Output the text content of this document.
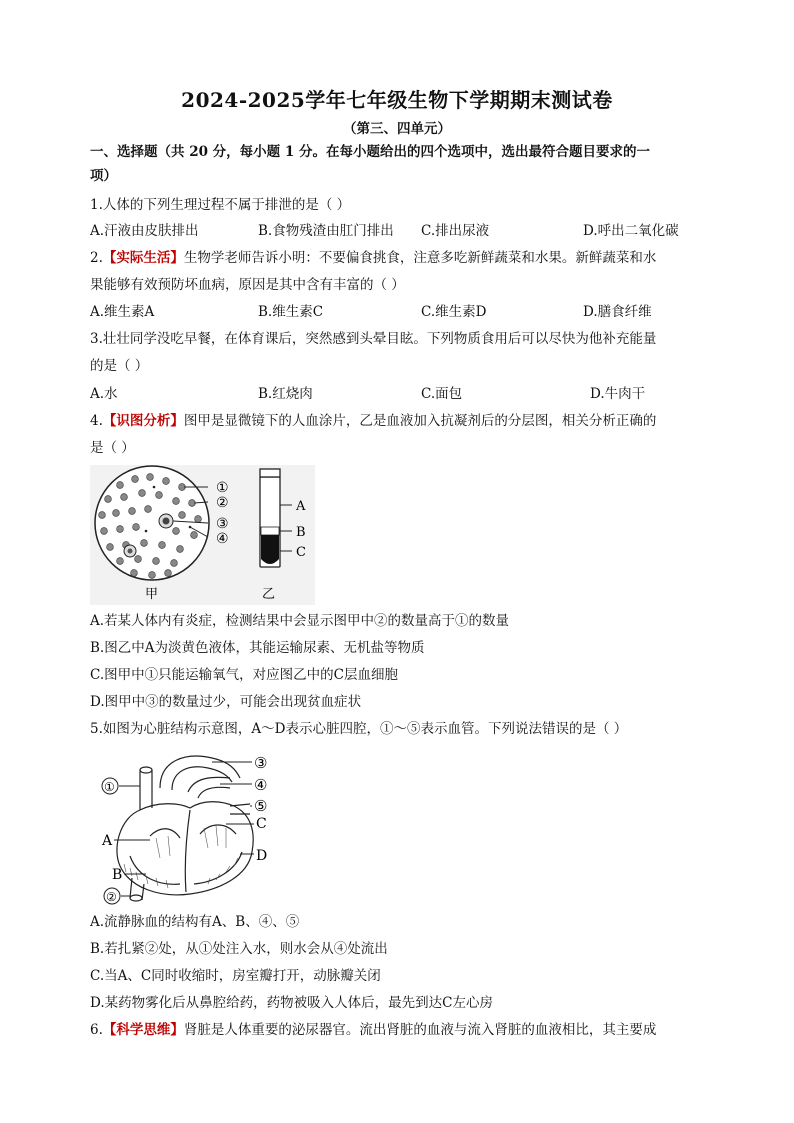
2024-2025学年七年级生物下学期期末测试卷
（第三、四单元）
一、选择题（共 20 分，每小题 1 分。在每小题给出的四个选项中，选出最符合题目要求的一
项）
1.人体的下列生理过程不属于排泄的是（ ）
A.汗液由皮肤排出	B.食物残渣由肛门排出 C.排出尿液	D.呼出二氧化碳
2.【实际生活】生物学老师告诉小明：不要偏食挑食，注意多吃新鲜蔬菜和水果。新鲜蔬菜和水
果能够有效预防坏血病，原因是其中含有丰富的（ ）
A.维生素A	B.维生素C	C.维生素D	D.膳食纤维
3.壮壮同学没吃早餐，在体育课后，突然感到头晕目眩。下列物质食用后可以尽快为他补充能量
的是（ ）
A.水	B.红烧肉	C.面包	D.牛肉干
4.【识图分析】图甲是显微镜下的人血涂片，乙是血液加入抗凝剂后的分层图，相关分析正确的
是（ ）
①
②
③
④
A
B
C
甲	乙
A.若某人体内有炎症，检测结果中会显示图甲中②的数量高于①的数量
B.图乙中A为淡黄色液体，其能运输尿素、无机盐等物质
C.图甲中①只能运输氧气，对应图乙中的C层血细胞
D.图甲中③的数量过少，可能会出现贫血症状
5.如图为心脏结构示意图，A～D表示心脏四腔，①～⑤表示血管。下列说法错误的是（ ）
①
③
④
⑤
C
D
A
B
②
A.流静脉血的结构有A、B、④、⑤
B.若扎紧②处，从①处注入水，则水会从④处流出
C.当A、C同时收缩时，房室瓣打开，动脉瓣关闭
D.某药物雾化后从鼻腔给药，药物被吸入人体后，最先到达C左心房
6.【科学思维】肾脏是人体重要的泌尿器官。流出肾脏的血液与流入肾脏的血液相比，其主要成
